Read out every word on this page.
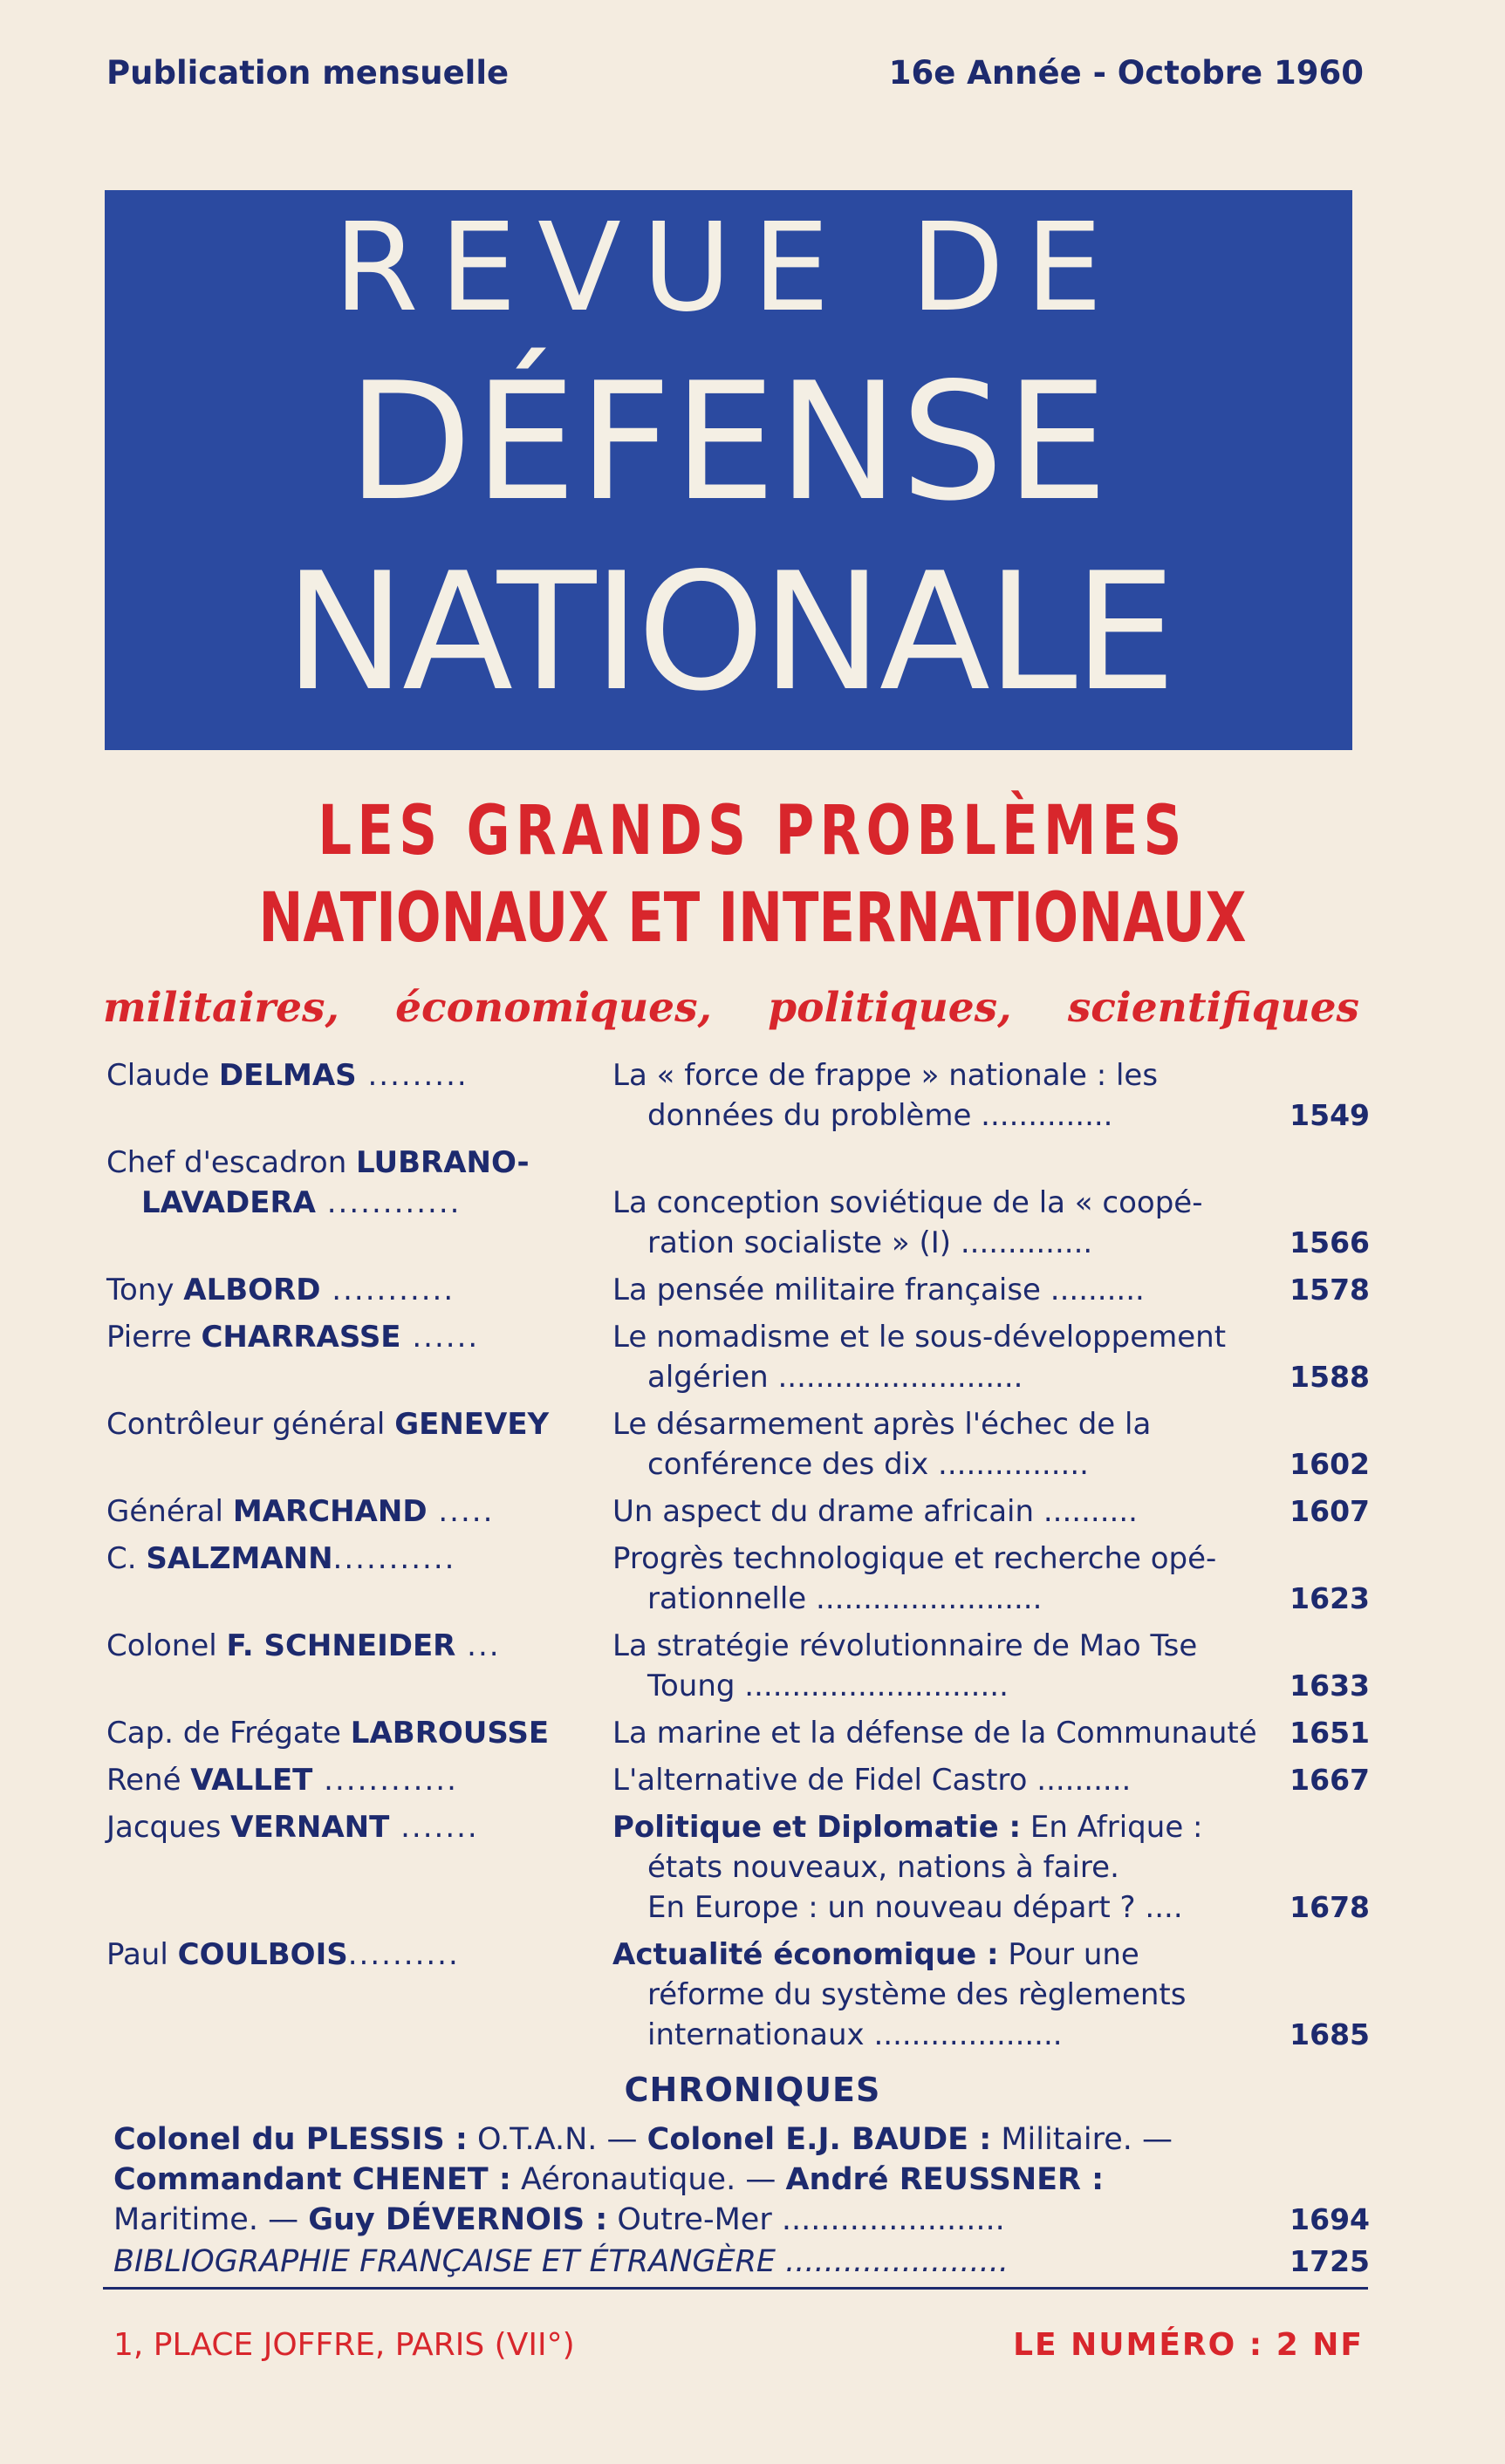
Publication mensuelle	16e Année - Octobre 1960
REVUE DE
DÉFENSE
NATIONALE
LES GRANDS PROBLÈMES
NATIONAUX ET INTERNATIONAUX
militaires, économiques, politiques, scientifiques
Claude DELMAS .........	La « force de frappe » nationale : les
données du problème ..............	1549
Chef d'escadron LUBRANO-
LAVADERA ............	La conception soviétique de la « coopé-
ration socialiste » (I) ..............	1566
Tony ALBORD ...........	La pensée militaire française ..........	1578
Pierre CHARRASSE ......	Le nomadisme et le sous-développement
algérien ..........................	1588
Contrôleur général GENEVEY	Le désarmement après l'échec de la
conférence des dix ................	1602
Général MARCHAND .....	Un aspect du drame africain ..........	1607
C. SALZMANN...........	Progrès technologique et recherche opé-
rationnelle ........................	1623
Colonel F. SCHNEIDER ...	La stratégie révolutionnaire de Mao Tse
Toung ............................	1633
Cap. de Frégate LABROUSSE	La marine et la défense de la Communauté	1651
René VALLET ............	L'alternative de Fidel Castro ..........	1667
Jacques VERNANT .......	Politique et Diplomatie : En Afrique :
états nouveaux, nations à faire.
En Europe : un nouveau départ ? ....	1678
Paul COULBOIS..........	Actualité économique : Pour une
réforme du système des règlements
internationaux ....................	1685
CHRONIQUES
Colonel du PLESSIS : O.T.A.N. — Colonel E.J. BAUDE : Militaire. —
Commandant CHENET : Aéronautique. — André REUSSNER :
Maritime. — Guy DÉVERNOIS : Outre-Mer .......................	1694
BIBLIOGRAPHIE FRANÇAISE ET ÉTRANGÈRE .......................	1725
1, PLACE JOFFRE, PARIS (VII°)	LE NUMÉRO : 2 NF
